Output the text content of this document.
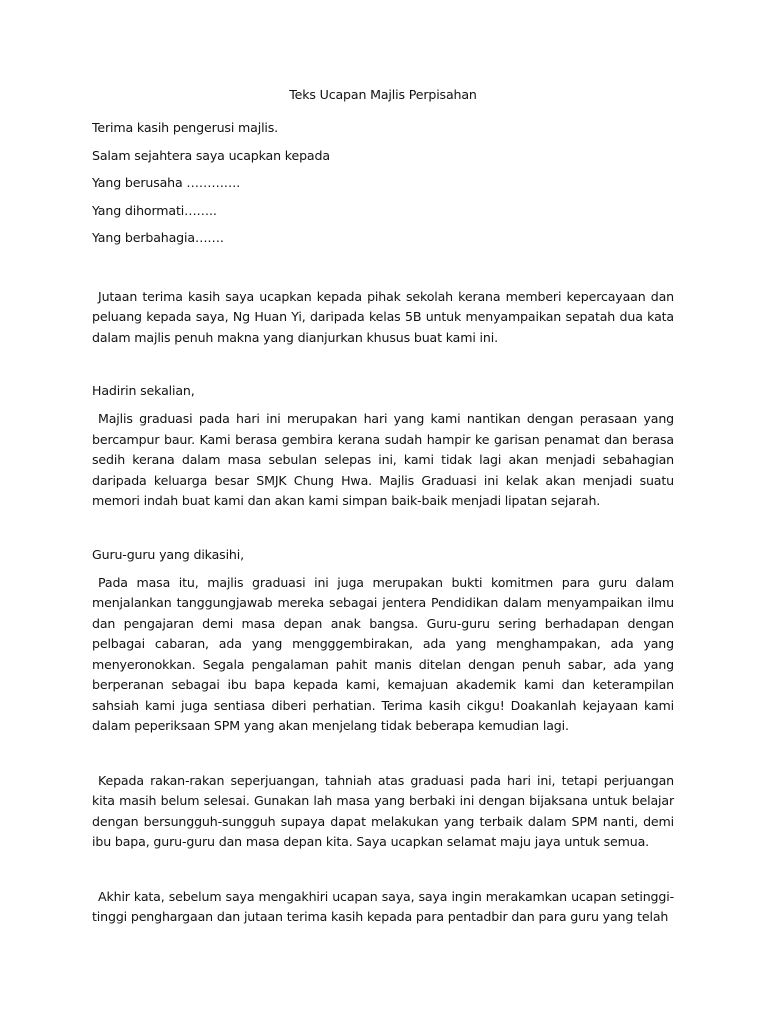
Teks Ucapan Majlis Perpisahan
Terima kasih pengerusi majlis.
Salam sejahtera saya ucapkan kepada
Yang berusaha ………….
Yang dihormati……..
Yang berbahagia…….

Jutaan terima kasih saya ucapkan kepada pihak sekolah kerana memberi kepercayaan dan peluang kepada saya, Ng Huan Yi, daripada kelas 5B untuk menyampaikan sepatah dua kata dalam majlis penuh makna yang dianjurkan khusus buat kami ini.

Hadirin sekalian,

Majlis graduasi pada hari ini merupakan hari yang kami nantikan dengan perasaan yang bercampur baur. Kami berasa gembira kerana sudah hampir ke garisan penamat dan berasa sedih kerana dalam masa sebulan selepas ini, kami tidak lagi akan menjadi sebahagian daripada keluarga besar SMJK Chung Hwa. Majlis Graduasi ini kelak akan menjadi suatu memori indah buat kami dan akan kami simpan baik-baik menjadi lipatan sejarah.

Guru-guru yang dikasihi,

Pada masa itu, majlis graduasi ini juga merupakan bukti komitmen para guru dalam menjalankan tanggungjawab mereka sebagai jentera Pendidikan dalam menyampaikan ilmu dan pengajaran demi masa depan anak bangsa. Guru-guru sering berhadapan dengan pelbagai cabaran, ada yang mengggembirakan, ada yang menghampakan, ada yang menyeronokkan. Segala pengalaman pahit manis ditelan dengan penuh sabar, ada yang berperanan sebagai ibu bapa kepada kami, kemajuan akademik kami dan keterampilan sahsiah kami juga sentiasa diberi perhatian. Terima kasih cikgu! Doakanlah kejayaan kami dalam peperiksaan SPM yang akan menjelang tidak beberapa kemudian lagi.

Kepada rakan-rakan seperjuangan, tahniah atas graduasi pada hari ini, tetapi perjuangan kita masih belum selesai. Gunakan lah masa yang berbaki ini dengan bijaksana untuk belajar dengan bersungguh-sungguh supaya dapat melakukan yang terbaik dalam SPM nanti, demi ibu bapa, guru-guru dan masa depan kita. Saya ucapkan selamat maju jaya untuk semua.

Akhir kata, sebelum saya mengakhiri ucapan saya, saya ingin merakamkan ucapan setinggi-tinggi penghargaan dan jutaan terima kasih kepada para pentadbir dan para guru yang telah
